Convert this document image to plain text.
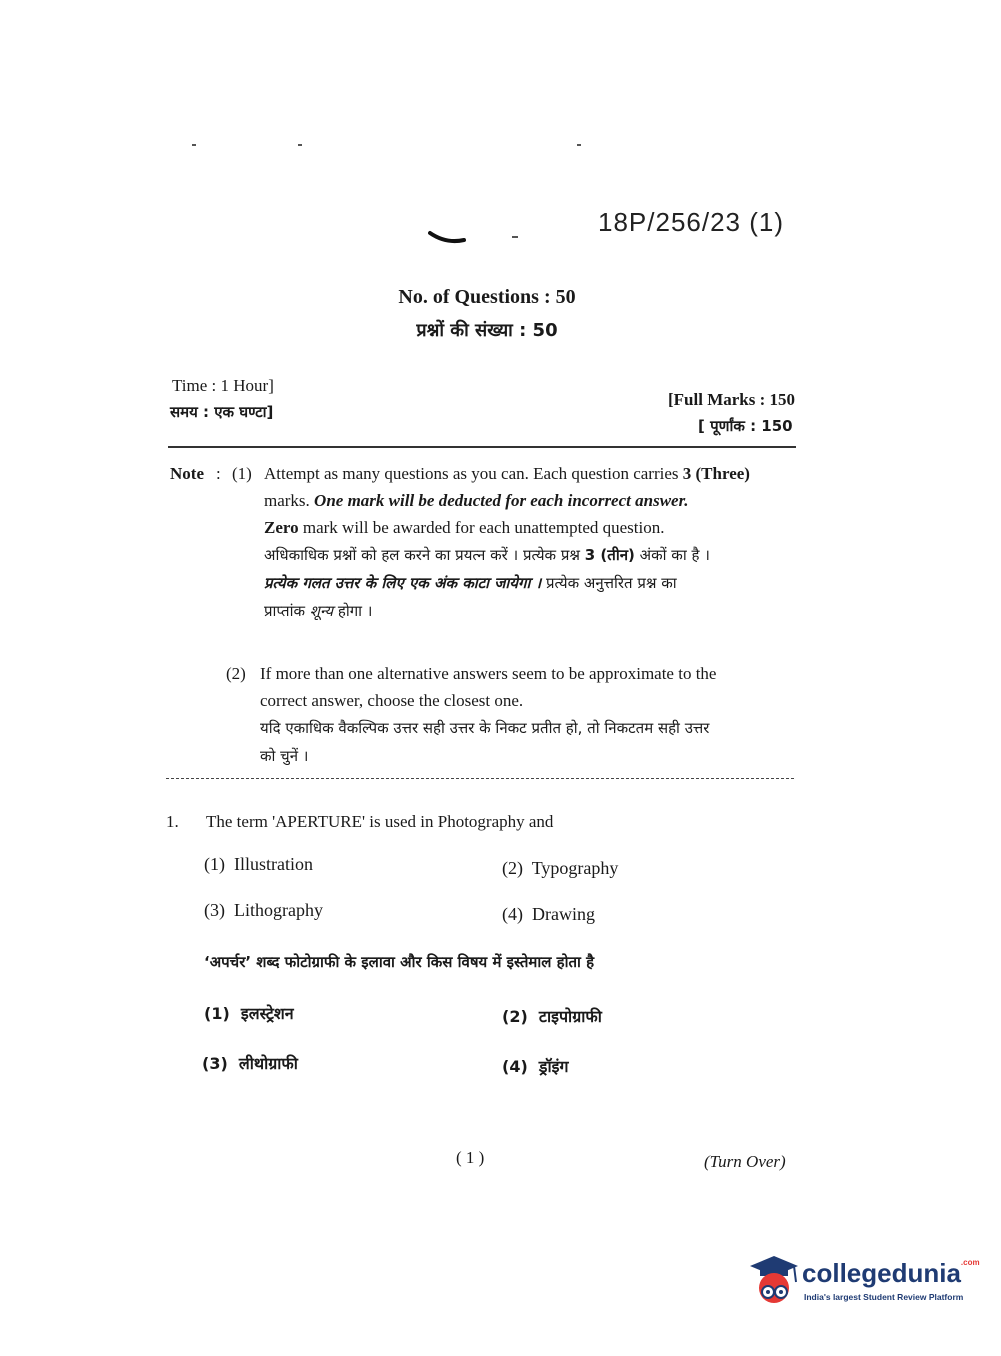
18P/256/23 (1)
No. of Questions : 50
प्रश्नों की संख्या : 50
Time : 1 Hour]
समय : एक घण्टा]
[Full Marks : 150
[ पूर्णांक : 150
Note : (1) Attempt as many questions as you can. Each question carries 3 (Three)
marks. One mark will be deducted for each incorrect answer.
Zero mark will be awarded for each unattempted question.
अधिकाधिक प्रश्नों को हल करने का प्रयत्न करें । प्रत्येक प्रश्न 3 (तीन) अंकों का है ।
प्रत्येक गलत उत्तर के लिए एक अंक काटा जायेगा । प्रत्येक अनुत्तरित प्रश्न का
प्राप्तांक शून्य होगा ।
(2) If more than one alternative answers seem to be approximate to the
correct answer, choose the closest one.
यदि एकाधिक वैकल्पिक उत्तर सही उत्तर के निकट प्रतीत हो, तो निकटतम सही उत्तर
को चुनें ।
1. The term 'APERTURE' is used in Photography and
(1) Illustration	(2) Typography
(3) Lithography	(4) Drawing
‘अपर्चर’ शब्द फोटोग्राफी के इलावा और किस विषय में इस्तेमाल होता है
(1) इलस्ट्रेशन	(2) टाइपोग्राफी
(3) लीथोग्राफी	(4) ड्रॉइंग
( 1 )	(Turn Over)
collegedunia$^{.com}$
India's largest Student Review Platform
